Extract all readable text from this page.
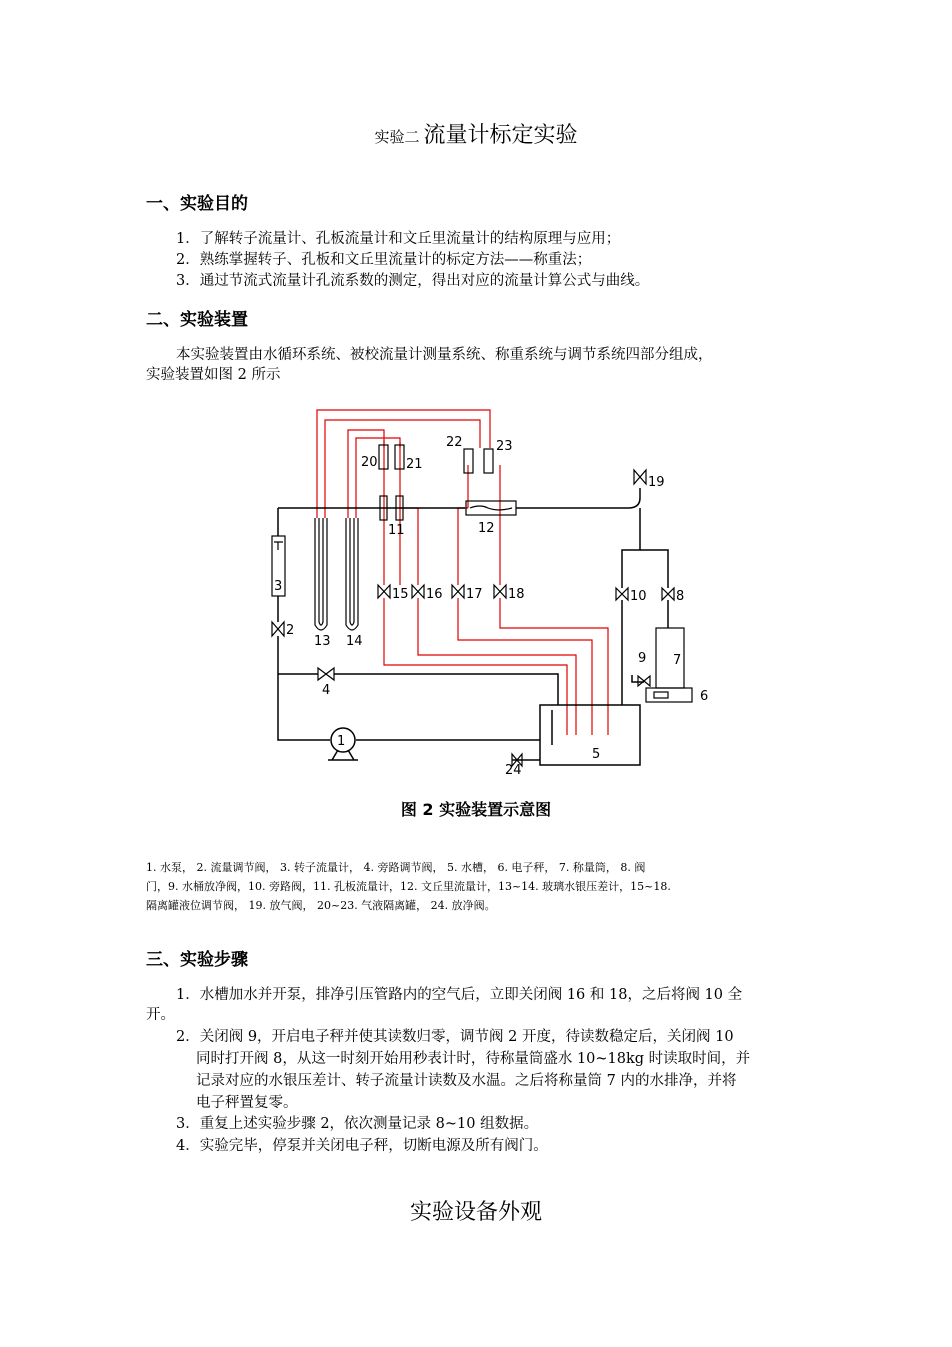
实验二 流量计标定实验
一、实验目的
1．了解转子流量计、孔板流量计和文丘里流量计的结构原理与应用；
2．熟练掌握转子、孔板和文丘里流量计的标定方法——称重法；
3．通过节流式流量计孔流系数的测定，得出对应的流量计算公式与曲线。
二、实验装置
本实验装置由水循环系统、被校流量计测量系统、称重系统与调节系统四部分组成，
实验装置如图 2 所示
1
2
3
4
5
6
7
8
9
10
11	12
13 14
15 16 17 18
19
20 21
22	23
24
图 2 实验装置示意图
1. 水泵， 2. 流量调节阀， 3. 转子流量计， 4. 旁路调节阀， 5. 水槽， 6. 电子秤， 7. 称量筒， 8. 阀
门，9. 水桶放净阀，10. 旁路阀，11. 孔板流量计，12. 文丘里流量计，13~14. 玻璃水银压差计，15~18.
隔离罐液位调节阀， 19. 放气阀， 20~23. 气液隔离罐， 24. 放净阀。
三、实验步骤
1．水槽加水并开泵，排净引压管路内的空气后，立即关闭阀 16 和 18，之后将阀 10 全
开。
2．关闭阀 9，开启电子秤并使其读数归零，调节阀 2 开度，待读数稳定后，关闭阀 10
同时打开阀 8，从这一时刻开始用秒表计时，待称量筒盛水 10~18kg 时读取时间，并
记录对应的水银压差计、转子流量计读数及水温。之后将称量筒 7 内的水排净，并将
电子秤置复零。
3．重复上述实验步骤 2，依次测量记录 8~10 组数据。
4．实验完毕，停泵并关闭电子秤，切断电源及所有阀门。
实验设备外观
